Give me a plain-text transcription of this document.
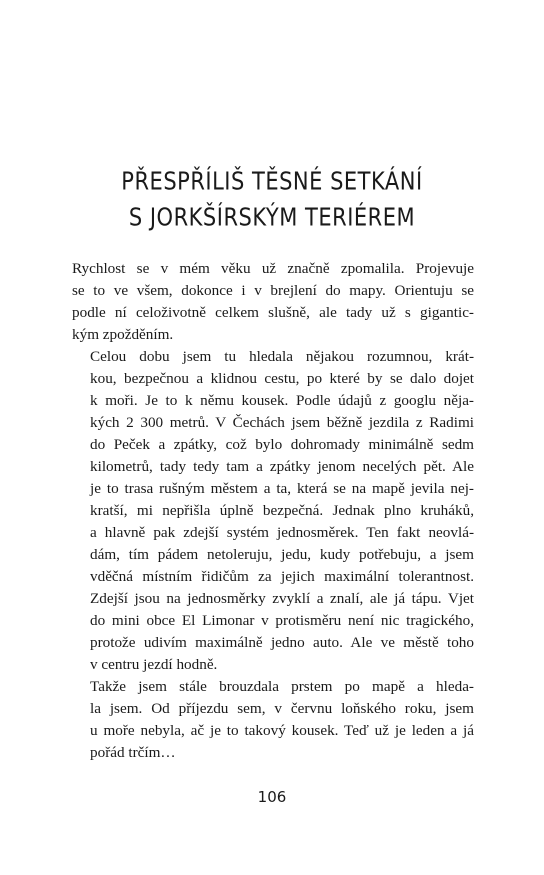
PŘESPŘÍLIŠ TĚSNÉ SETKÁNÍ
S JORKŠÍRSKÝM TERIÉREM

Rychlost se v mém věku už značně zpomalila. Projevuje
se to ve všem, dokonce i v brejlení do mapy. Orientuju se
podle ní celoživotně celkem slušně, ale tady už s gigantic-
kým zpožděním.

Celou dobu jsem tu hledala nějakou rozumnou, krát-
kou, bezpečnou a klidnou cestu, po které by se dalo dojet
k moři. Je to k němu kousek. Podle údajů z googlu něja-
kých 2 300 metrů. V Čechách jsem běžně jezdila z Radimi
do Peček a zpátky, což bylo dohromady minimálně sedm
kilometrů, tady tedy tam a zpátky jenom necelých pět. Ale
je to trasa rušným městem a ta, která se na mapě jevila nej-
kratší, mi nepřišla úplně bezpečná. Jednak plno kruháků,
a hlavně pak zdejší systém jednosměrek. Ten fakt neovlá-
dám, tím pádem netoleruju, jedu, kudy potřebuju, a jsem
vděčná místním řidičům za jejich maximální tolerantnost.
Zdejší jsou na jednosměrky zvyklí a znalí, ale já tápu. Vjet
do mini obce El Limonar v protisměru není nic tragického,
protože udivím maximálně jedno auto. Ale ve městě toho
v centru jezdí hodně.

Takže jsem stále brouzdala prstem po mapě a hleda-
la jsem. Od příjezdu sem, v červnu loňského roku, jsem
u moře nebyla, ač je to takový kousek. Teď už je leden a já
pořád trčím…

106
